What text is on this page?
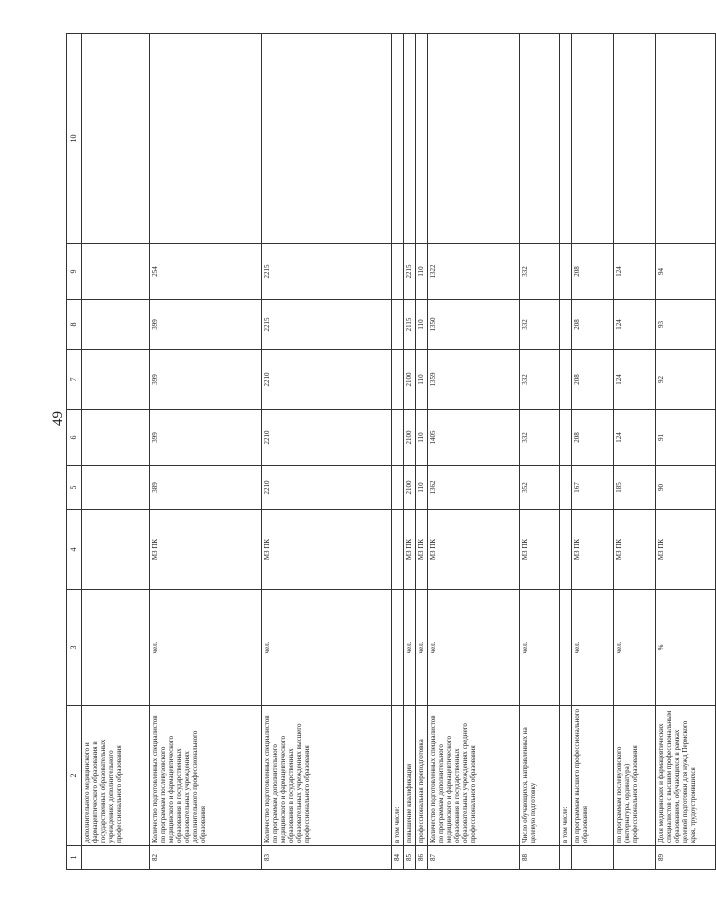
49
1	2	3	4	5	6	7	8	9	10
	дополнительного медицинского и фармацевтического образования в государственных образовательных учреждениях дополнительного профессионального образования								
82	Количество подготовленных специалистов по программам послевузовского медицинского и фармацевтического образования в государственных образовательных учреждениях дополнительного профессионального образования	чел.	МЗ ПК	389	399	399	399	254	
83	Количество подготовленных специалистов по программам дополнительного медицинского и фармацевтического образования в государственных образовательных учреждениях высшего профессионального образования	чел.	МЗ ПК	2210	2210	2210	2215	2215	
84	в том числе:								
85	повышение квалификации	чел.	МЗ ПК	2100	2100	2100	2115	2215	
86	профессиональная переподготовка	чел.	МЗ ПК	110	110	110	110	110	
87	Количество подготовленных специалистов по программам дополнительного медицинского и фармацевтического образования в государственных образовательных учреждениях среднего профессионального образования	чел.	МЗ ПК	1362	1405	1359	1350	1322	
88	Число обучающихся, направленных на целевую подготовку	чел.	МЗ ПК	352	332	332	332	332	
	в том числе:								
	по программам высшего профессионального образования	чел.	МЗ ПК	167	208	208	208	208	
	по программам послевузовского (интернатура, ординатура) профессионального образования	чел.	МЗ ПК	185	124	124	124	124	
89	Доля медицинских и фармацевтических специалистов с высшим профессиональным образованием, обучающихся в рамках целевой подготовки для нужд Пермского края, трудоустроившихся	%	МЗ ПК	90	91	92	93	94	
